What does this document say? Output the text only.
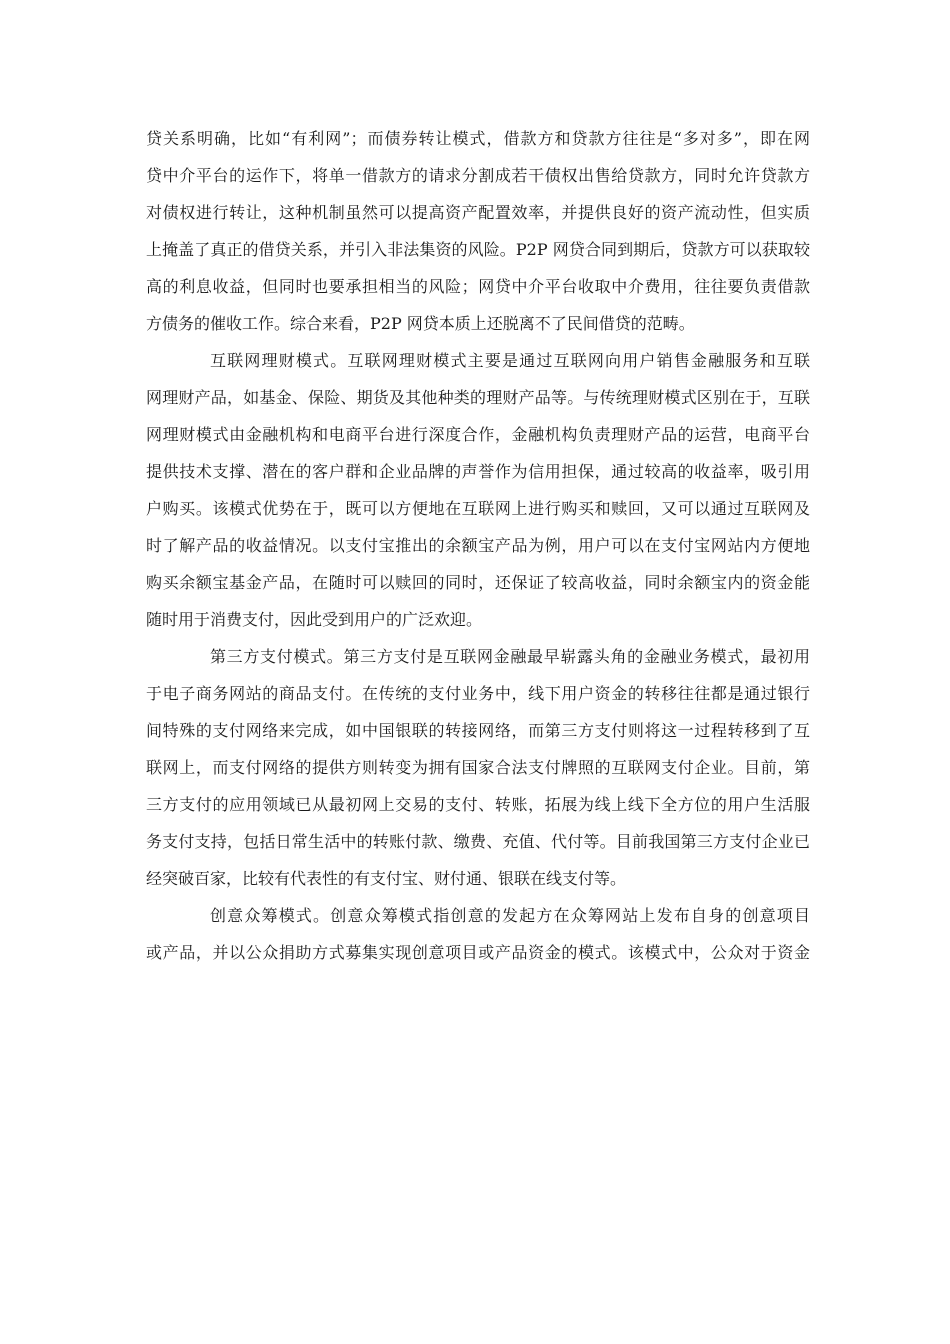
贷关系明确，比如“有利网”；而债券转让模式，借款方和贷款方往往是“多对多”，即在网
贷中介平台的运作下，将单一借款方的请求分割成若干债权出售给贷款方，同时允许贷款方
对债权进行转让，这种机制虽然可以提高资产配置效率，并提供良好的资产流动性，但实质
上掩盖了真正的借贷关系，并引入非法集资的风险。P2P 网贷合同到期后，贷款方可以获取较
高的利息收益，但同时也要承担相当的风险；网贷中介平台收取中介费用，往往要负责借款
方债务的催收工作。综合来看，P2P 网贷本质上还脱离不了民间借贷的范畴。
互联网理财模式。互联网理财模式主要是通过互联网向用户销售金融服务和互联
网理财产品，如基金、保险、期货及其他种类的理财产品等。与传统理财模式区别在于，互联
网理财模式由金融机构和电商平台进行深度合作，金融机构负责理财产品的运营，电商平台
提供技术支撑、潜在的客户群和企业品牌的声誉作为信用担保，通过较高的收益率，吸引用
户购买。该模式优势在于，既可以方便地在互联网上进行购买和赎回，又可以通过互联网及
时了解产品的收益情况。以支付宝推出的余额宝产品为例，用户可以在支付宝网站内方便地
购买余额宝基金产品，在随时可以赎回的同时，还保证了较高收益，同时余额宝内的资金能
随时用于消费支付，因此受到用户的广泛欢迎。
第三方支付模式。第三方支付是互联网金融最早崭露头角的金融业务模式，最初用
于电子商务网站的商品支付。在传统的支付业务中，线下用户资金的转移往往都是通过银行
间特殊的支付网络来完成，如中国银联的转接网络，而第三方支付则将这一过程转移到了互
联网上，而支付网络的提供方则转变为拥有国家合法支付牌照的互联网支付企业。目前，第
三方支付的应用领域已从最初网上交易的支付、转账，拓展为线上线下全方位的用户生活服
务支付支持，包括日常生活中的转账付款、缴费、充值、代付等。目前我国第三方支付企业已
经突破百家，比较有代表性的有支付宝、财付通、银联在线支付等。
创意众筹模式。创意众筹模式指创意的发起方在众筹网站上发布自身的创意项目
或产品，并以公众捐助方式募集实现创意项目或产品资金的模式。该模式中，公众对于资金
